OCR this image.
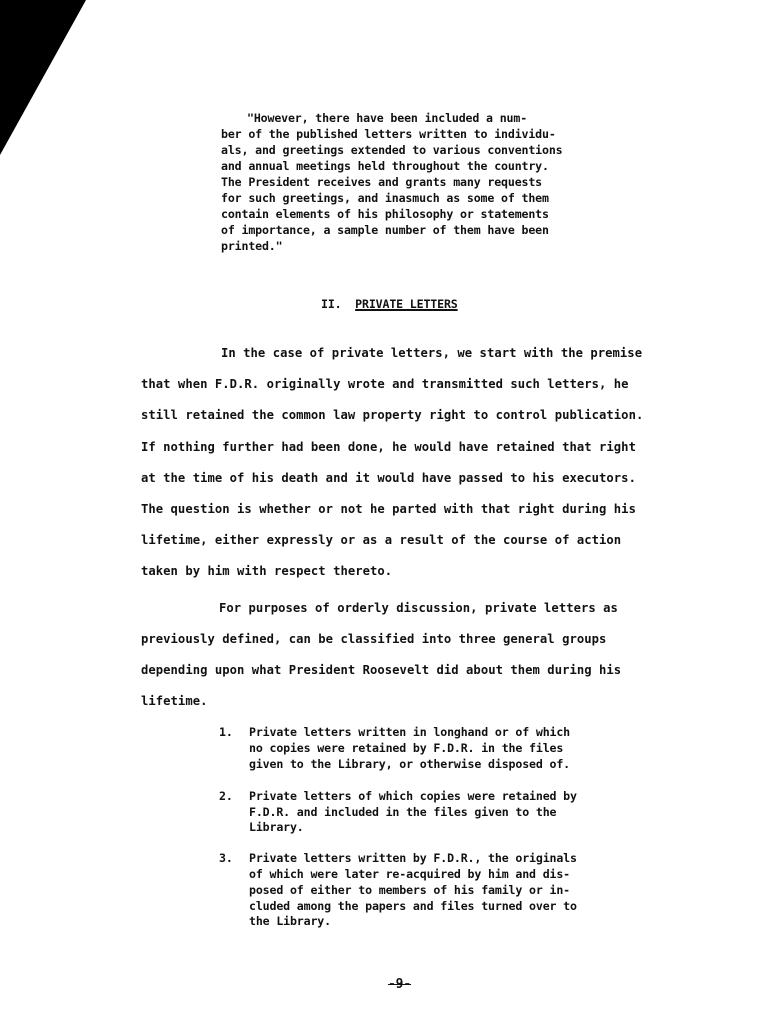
"However, there have been included a num-
ber of the published letters written to individu-
als, and greetings extended to various conventions
and annual meetings held throughout the country.
The President receives and grants many requests
for such greetings, and inasmuch as some of them
contain elements of his philosophy or statements
of importance, a sample number of them have been
printed."
II. PRIVATE LETTERS
In the case of private letters, we start with the premise
that when F.D.R. originally wrote and transmitted such letters, he
still retained the common law property right to control publication.
If nothing further had been done, he would have retained that right
at the time of his death and it would have passed to his executors.
The question is whether or not he parted with that right during his
lifetime, either expressly or as a result of the course of action
taken by him with respect thereto.
For purposes of orderly discussion, private letters as
previously defined, can be classified into three general groups
depending upon what President Roosevelt did about them during his
lifetime.
1. Private letters written in longhand or of which
no copies were retained by F.D.R. in the files
given to the Library, or otherwise disposed of.
2. Private letters of which copies were retained by
F.D.R. and included in the files given to the
Library.
3. Private letters written by F.D.R., the originals
of which were later re-acquired by him and dis-
posed of either to members of his family or in-
cluded among the papers and files turned over to
the Library.
-9-
